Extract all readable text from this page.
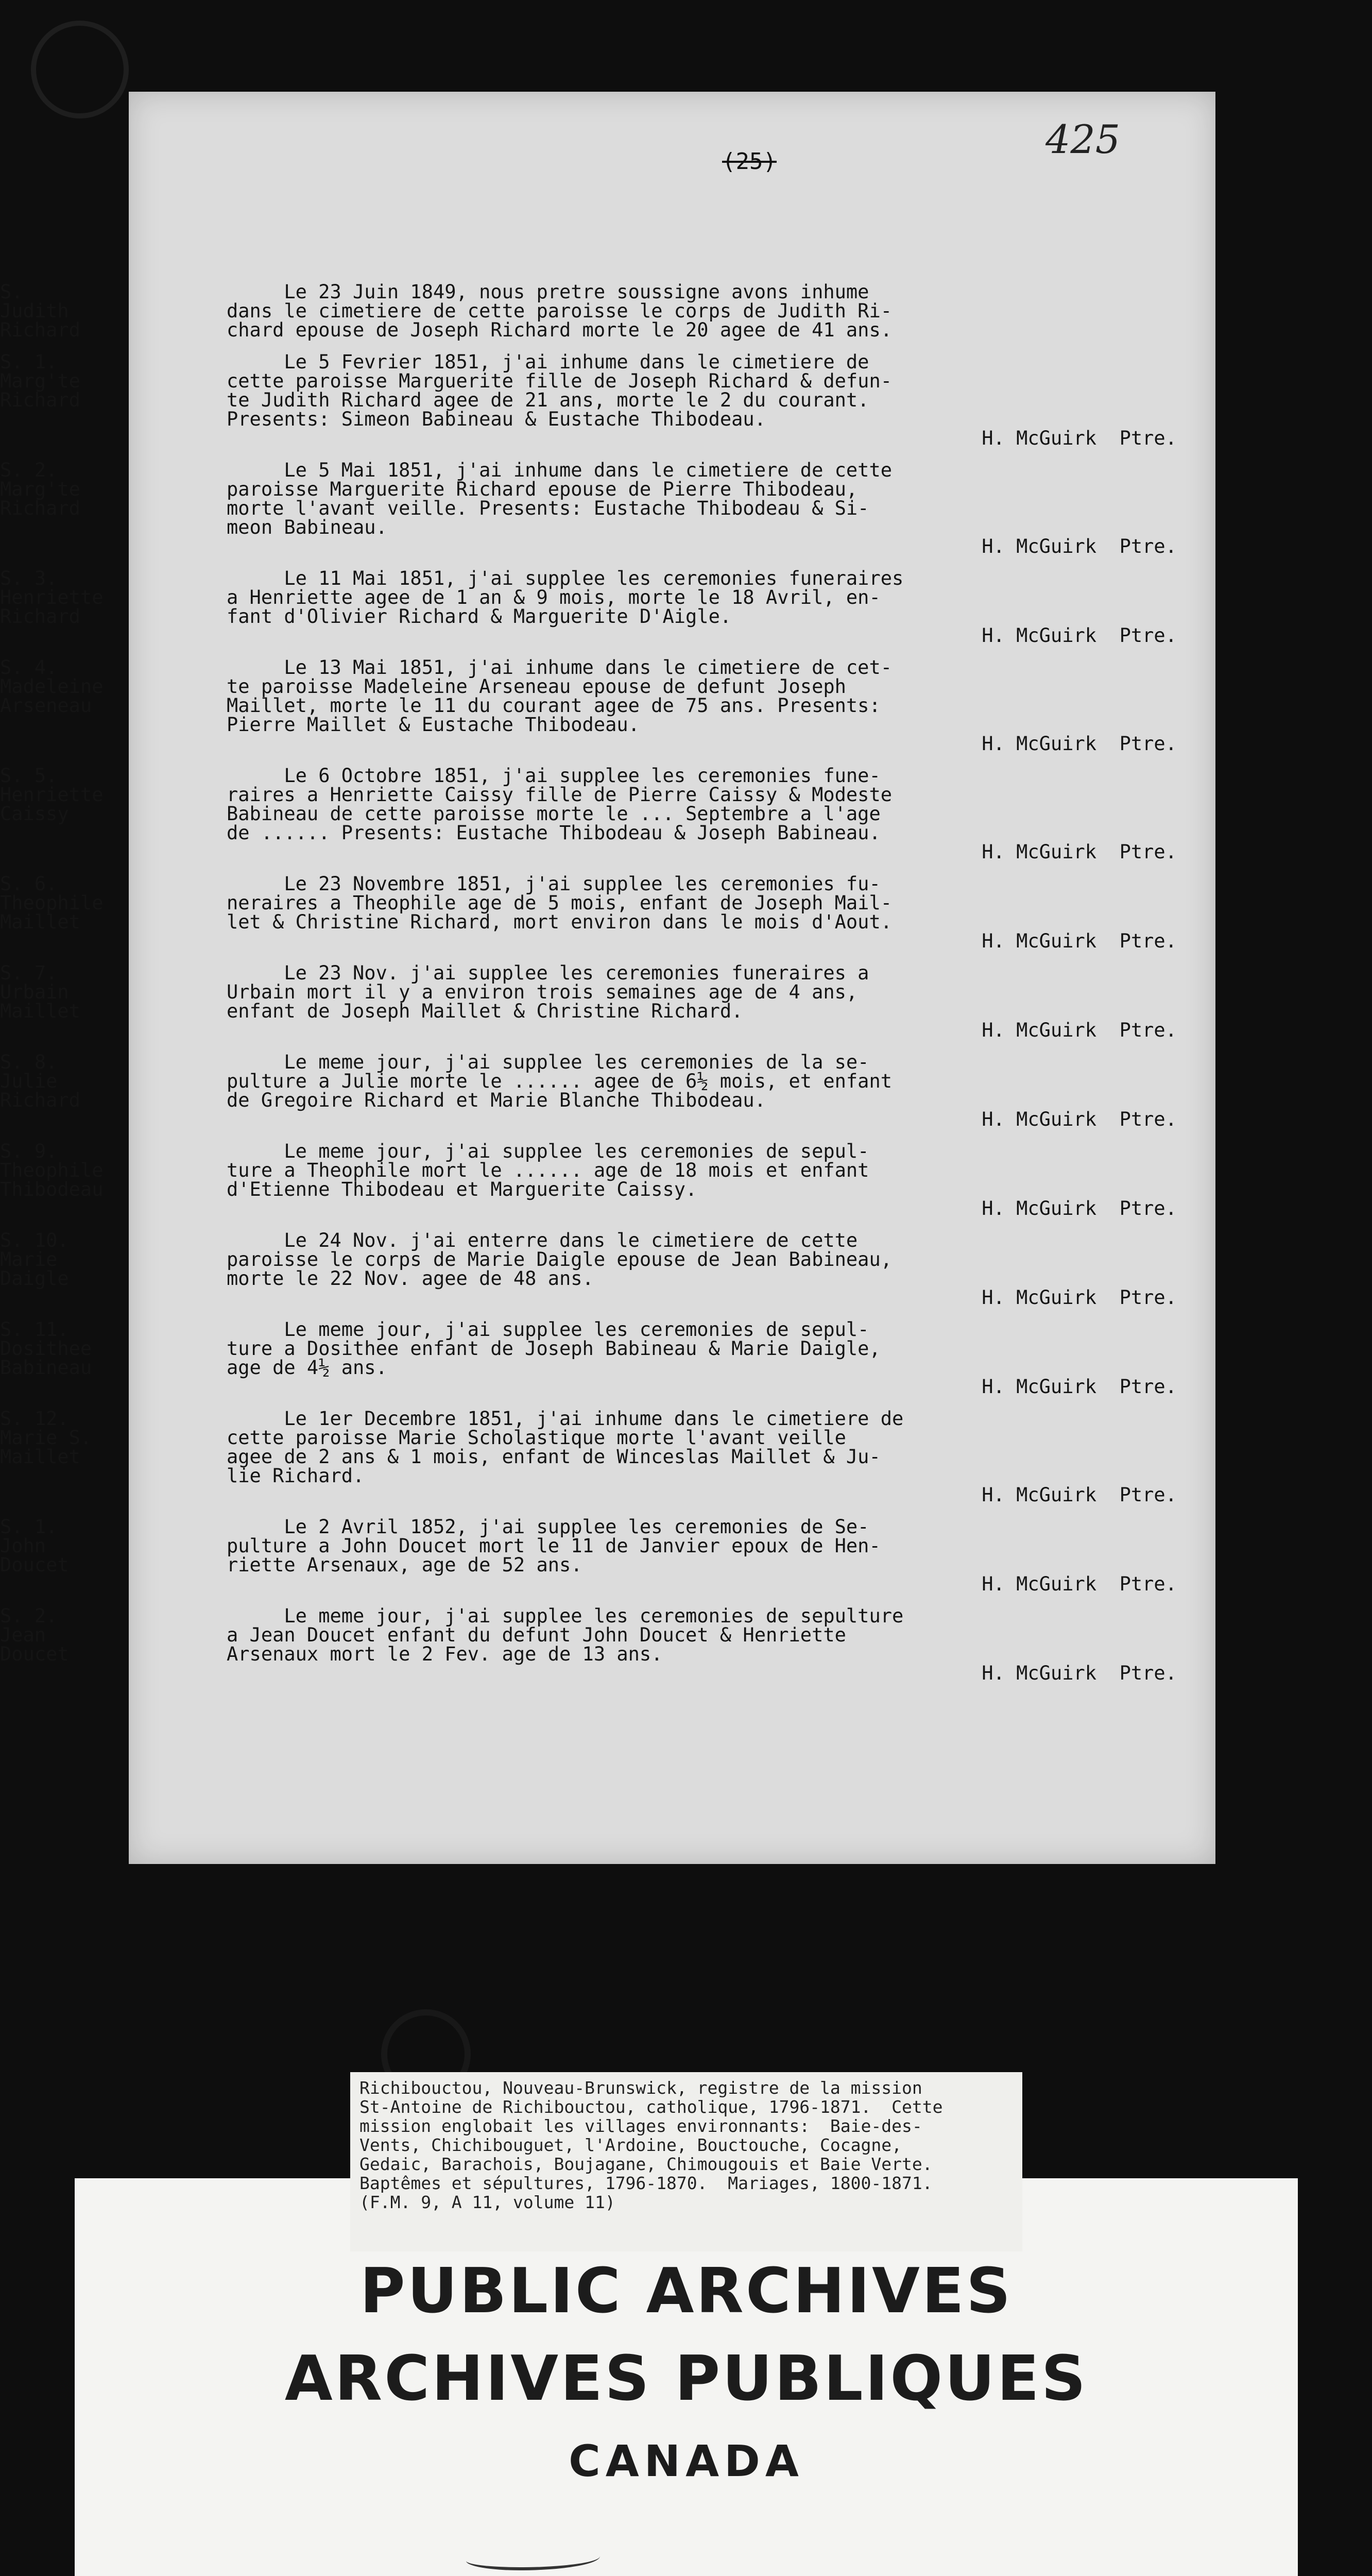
(25)	425
S.
Judith
Richard
Le 23 Juin 1849, nous pretre soussigne avons inhume
dans le cimetiere de cette paroisse le corps de Judith Ri-
chard epouse de Joseph Richard morte le 20 agee de 41 ans.
S. 1.
Marg'te
Richard
Le 5 Fevrier 1851, j'ai inhume dans le cimetiere de
cette paroisse Marguerite fille de Joseph Richard & defun-
te Judith Richard agee de 21 ans, morte le 2 du courant.
Presents: Simeon Babineau & Eustache Thibodeau.
H. McGuirk  Ptre.
S. 2.
Marg'te
Richard
Le 5 Mai 1851, j'ai inhume dans le cimetiere de cette
paroisse Marguerite Richard epouse de Pierre Thibodeau,
morte l'avant veille. Presents: Eustache Thibodeau & Si-
meon Babineau.
H. McGuirk  Ptre.
S. 3.
Henriette
Richard
Le 11 Mai 1851, j'ai supplee les ceremonies funeraires
a Henriette agee de 1 an & 9 mois, morte le 18 Avril, en-
fant d'Olivier Richard & Marguerite D'Aigle.
H. McGuirk  Ptre.
S. 4.
Madeleine
Arseneau
Le 13 Mai 1851, j'ai inhume dans le cimetiere de cet-
te paroisse Madeleine Arseneau epouse de defunt Joseph
Maillet, morte le 11 du courant agee de 75 ans. Presents:
Pierre Maillet & Eustache Thibodeau.
H. McGuirk  Ptre.
S. 5.
Henriette
Caissy
Le 6 Octobre 1851, j'ai supplee les ceremonies fune-
raires a Henriette Caissy fille de Pierre Caissy & Modeste
Babineau de cette paroisse morte le ... Septembre a l'age
de ...... Presents: Eustache Thibodeau & Joseph Babineau.
H. McGuirk  Ptre.
S. 6.
Theophile
Maillet
Le 23 Novembre 1851, j'ai supplee les ceremonies fu-
neraires a Theophile age de 5 mois, enfant de Joseph Mail-
let & Christine Richard, mort environ dans le mois d'Aout.
H. McGuirk  Ptre.
S. 7.
Urbain
Maillet
Le 23 Nov. j'ai supplee les ceremonies funeraires a
Urbain mort il y a environ trois semaines age de 4 ans,
enfant de Joseph Maillet & Christine Richard.
H. McGuirk  Ptre.
S. 8.
Julie
Richard
Le meme jour, j'ai supplee les ceremonies de la se-
pulture a Julie morte le ...... agee de 6½ mois, et enfant
de Gregoire Richard et Marie Blanche Thibodeau.
H. McGuirk  Ptre.
S. 9.
Theophile
Thibodeau
Le meme jour, j'ai supplee les ceremonies de sepul-
ture a Theophile mort le ...... age de 18 mois et enfant
d'Etienne Thibodeau et Marguerite Caissy.
H. McGuirk  Ptre.
S. 10.
Marie
Daigle
Le 24 Nov. j'ai enterre dans le cimetiere de cette
paroisse le corps de Marie Daigle epouse de Jean Babineau,
morte le 22 Nov. agee de 48 ans.
H. McGuirk  Ptre.
S. 11.
Dosithee
Babineau
Le meme jour, j'ai supplee les ceremonies de sepul-
ture a Dosithee enfant de Joseph Babineau & Marie Daigle,
age de 4½ ans.
H. McGuirk  Ptre.
S. 12.
Marie S.
Maillet
Le 1er Decembre 1851, j'ai inhume dans le cimetiere de
cette paroisse Marie Scholastique morte l'avant veille
agee de 2 ans & 1 mois, enfant de Winceslas Maillet & Ju-
lie Richard.
H. McGuirk  Ptre.
S. 1.
John
Doucet
Le 2 Avril 1852, j'ai supplee les ceremonies de Se-
pulture a John Doucet mort le 11 de Janvier epoux de Hen-
riette Arsenaux, age de 52 ans.
H. McGuirk  Ptre.
S. 2.
Jean
Doucet
Le meme jour, j'ai supplee les ceremonies de sepulture
a Jean Doucet enfant du defunt John Doucet & Henriette
Arsenaux mort le 2 Fev. age de 13 ans.
H. McGuirk  Ptre.
PUBLIC ARCHIVES
ARCHIVES PUBLIQUES
CANADA
Richibouctou, Nouveau-Brunswick, registre de la mission
St-Antoine de Richibouctou, catholique, 1796-1871.  Cette
mission englobait les villages environnants:  Baie-des-
Vents, Chichibouguet, l'Ardoine, Bouctouche, Cocagne,
Gedaic, Barachois, Boujagane, Chimougouis et Baie Verte.
Baptêmes et sépultures, 1796-1870.  Mariages, 1800-1871.
(F.M. 9, A 11, volume 11)
